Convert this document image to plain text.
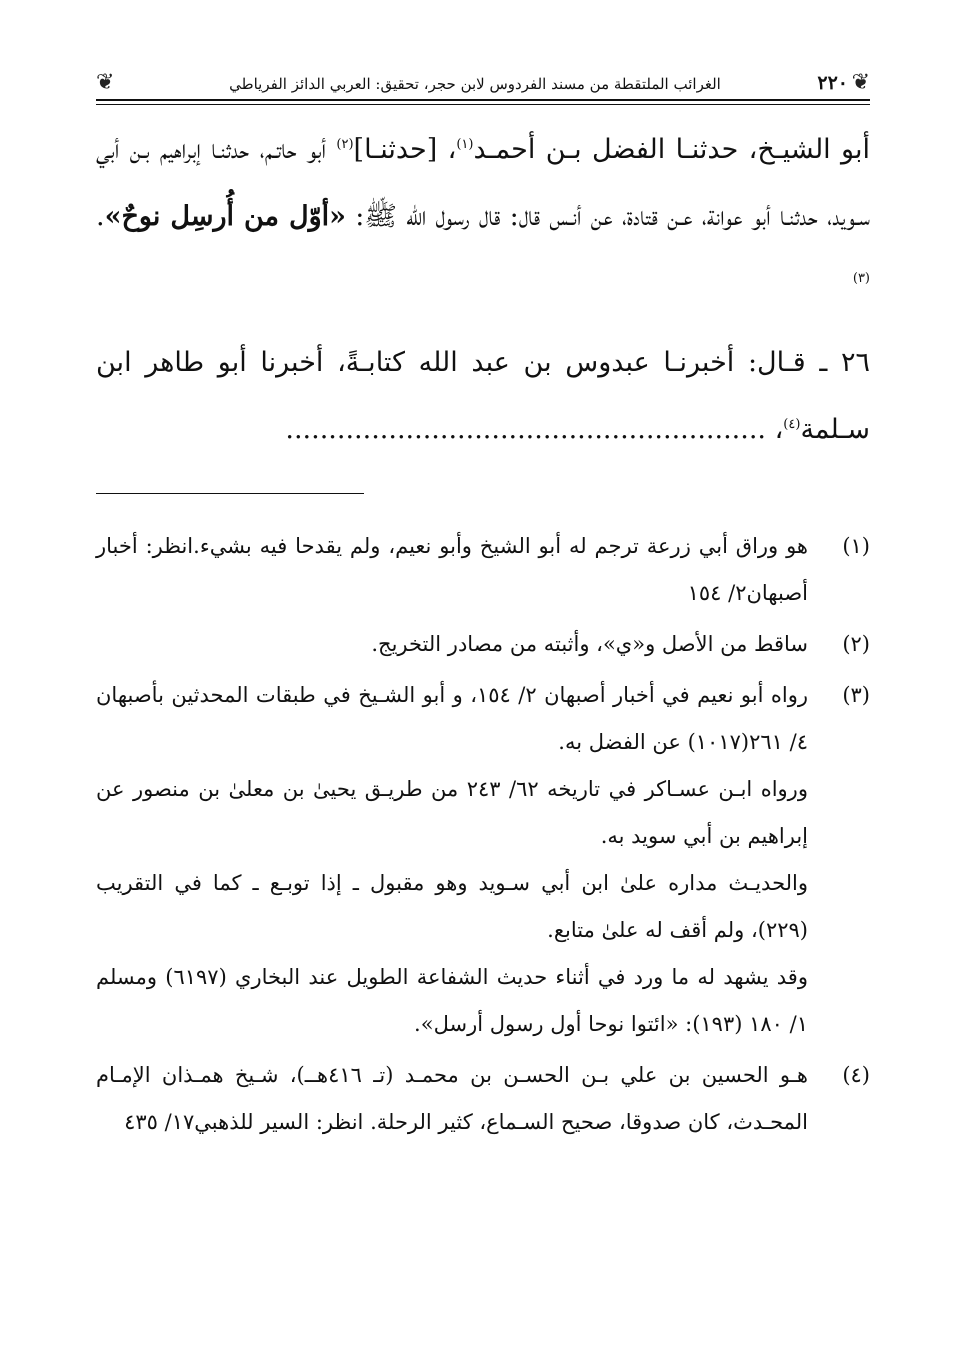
❦
٢٢٠
الغرائب الملتقطة من مسند الفردوس لابن حجر، تحقيق: العربي الدائز الفرياطي
❦

أبو الشيـخ، حدثنـا الفضل بـن أحمـد$^{(١)}$، [حدثنـا]$^{(٢)}$ أبو حاتـم، حدثنـا إبراهيم بـن أبي سـويد، حدثنـا أبو عوانة، عـن قتادة، عن أنـس قال: قال رسول الله ﷺ: «أوّل من أُرسِل نوحٌ».$^{(٣)}$

٢٦ ـ قـال: أخبرنـا عبدوس بن عبد الله كتابـةً، أخبرنا أبو طاهر ابن سـلمة$^{(٤)}$، ........................................................

(١)

هو وراق أبي زرعة ترجم له أبو الشيخ وأبو نعيم، ولم يقدحا فيه بشيء.انظر: أخبار أصبهان٢/ ١٥٤

(٢)

ساقط من الأصل و«ي»، وأثبته من مصادر التخريج.

(٣)

رواه أبو نعيم في أخبار أصبهان ٢/ ١٥٤، و أبو الشـيخ في طبقات المحدثين بأصبهان ٤/ ٢٦١(١٠١٧) عن الفضل به.

ورواه ابـن عسـاكر في تاريخه ٦٢/ ٢٤٣ من طريـق يحيىٰ بن معلىٰ بن منصور عن إبراهيم بن أبي سويد به.

والحديـث مداره علىٰ ابن أبي سـويد وهو مقبول ـ إذا توبـع ـ كما في التقريب (٢٢٩)، ولم أقف له علىٰ متابع.

وقد يشهد له ما ورد في أثناء حديث الشفاعة الطويل عند البخاري (٦١٩٧) ومسلم ١/ ١٨٠ (١٩٣): «ائتوا نوحا أول رسول أرسل».

(٤)

هـو الحسين بن علي بـن الحسـن بن محمـد (تـ ٤١٦هــ)، شـيخ همـذان الإمـام المحـدث، كان صدوقا، صحيح السـماع، كثير الرحلة. انظر: السير للذهبي١٧/ ٤٣٥
